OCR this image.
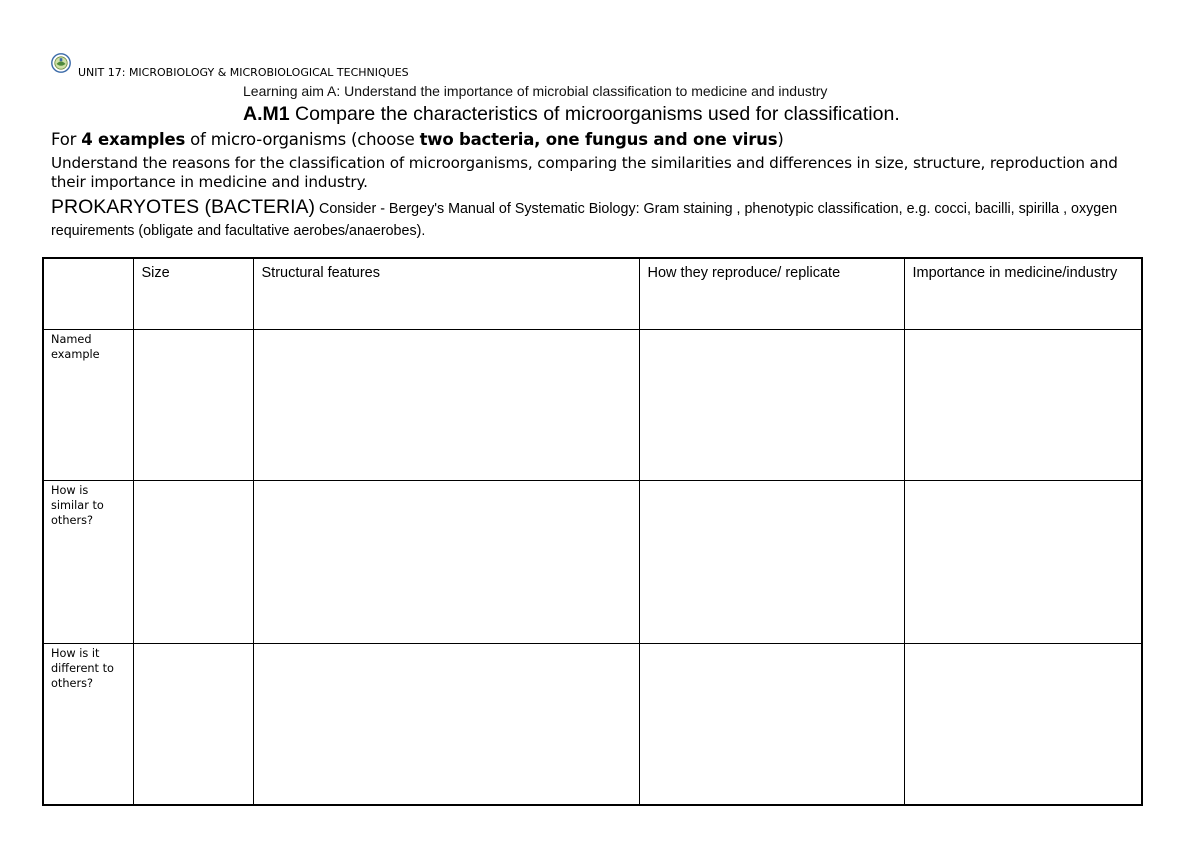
UNIT 17: MICROBIOLOGY & MICROBIOLOGICAL TECHNIQUES
Learning aim A: Understand the importance of microbial classification to medicine and industry
A.M1 Compare the characteristics of microorganisms used for classification.
For 4 examples of micro-organisms (choose two bacteria, one fungus and one virus)
Understand the reasons for the classification of microorganisms, comparing the similarities and differences in size, structure, reproduction and their importance in medicine and industry.
PROKARYOTES (BACTERIA) Consider - Bergey's Manual of Systematic Biology: Gram staining , phenotypic classification, e.g. cocci, bacilli, spirilla , oxygen requirements (obligate and facultative aerobes/anaerobes).
	Size	Structural features	How they reproduce/ replicate	Importance in medicine/industry
Named example				
How is similar to others?				
How is it different to others?				
